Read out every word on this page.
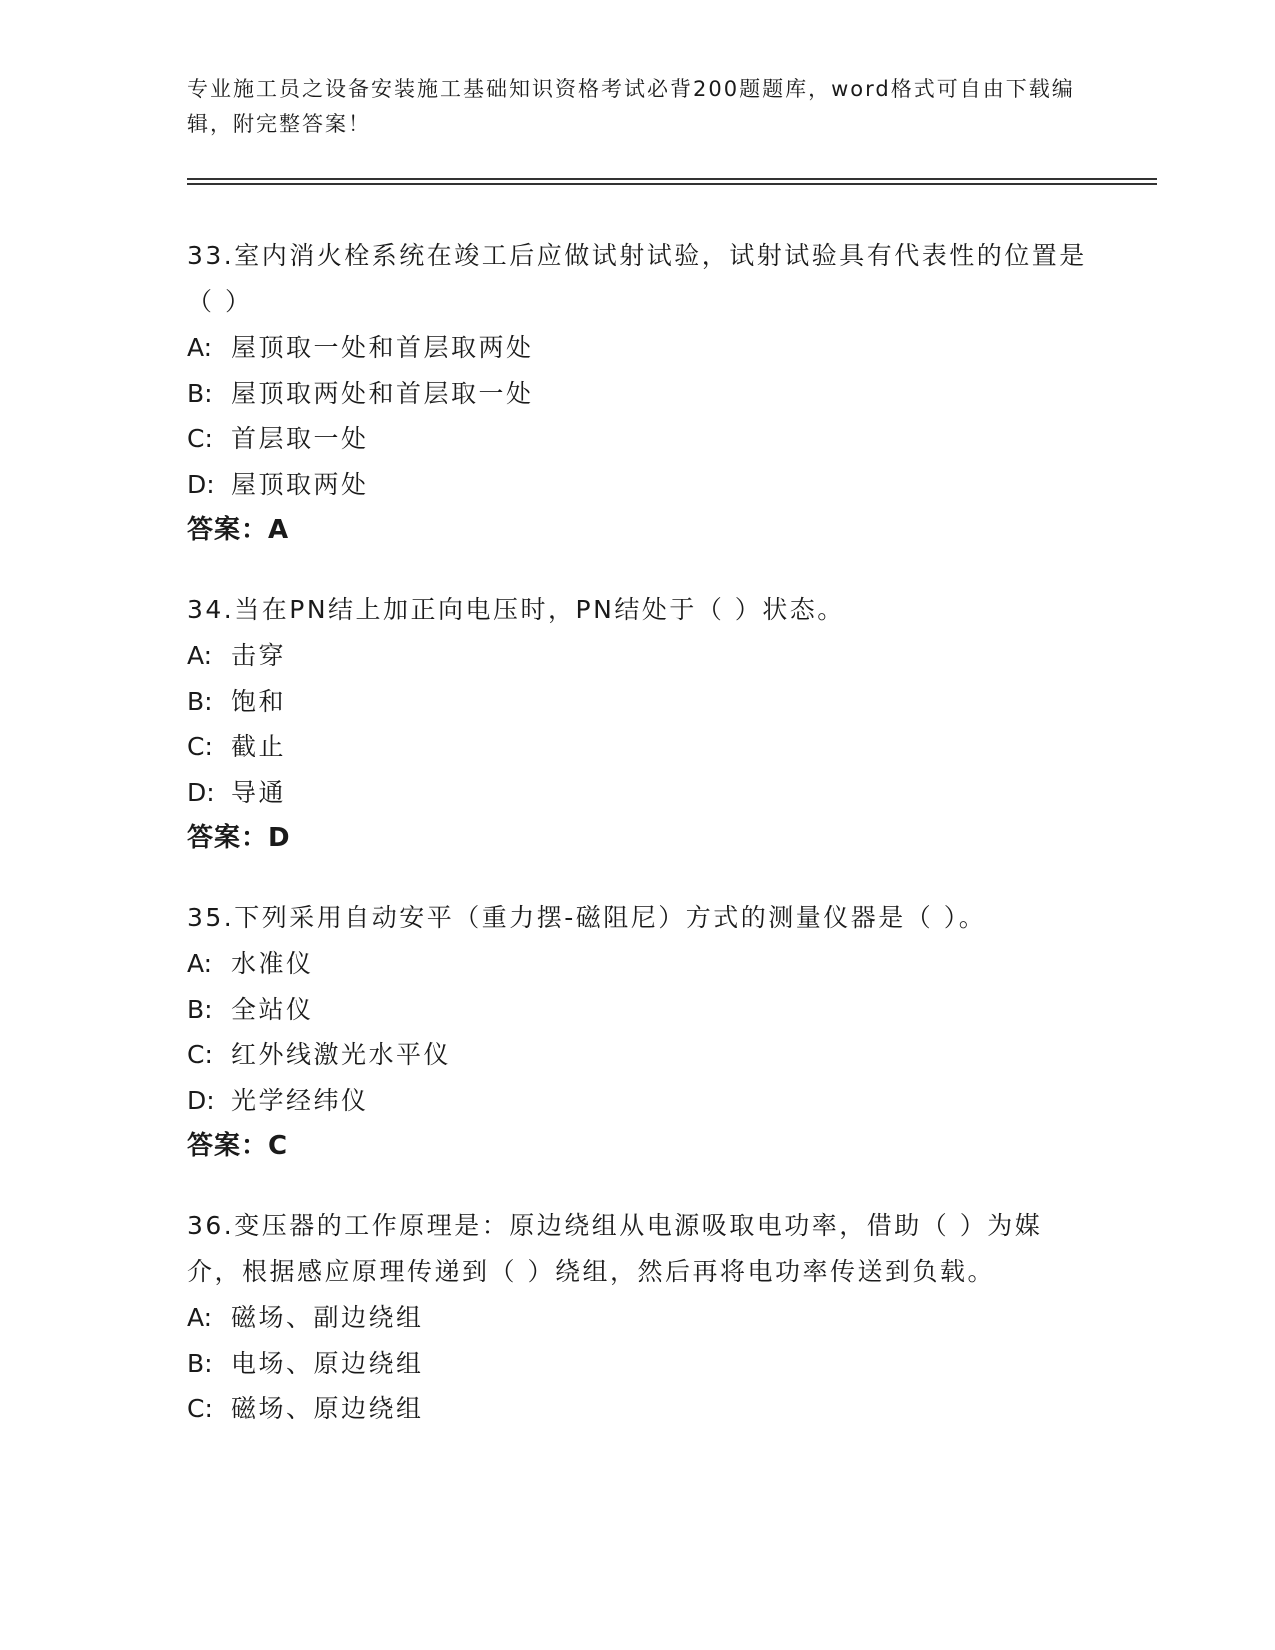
专业施工员之设备安装施工基础知识资格考试必背200题题库，word格式可自由下载编辑，附完整答案！
33.室内消火栓系统在竣工后应做试射试验，试射试验具有代表性的位置是（ ）
A: 屋顶取一处和首层取两处
B: 屋顶取两处和首层取一处
C: 首层取一处
D: 屋顶取两处
答案：A
34.当在PN结上加正向电压时，PN结处于（ ）状态。
A: 击穿
B: 饱和
C: 截止
D: 导通
答案：D
35.下列采用自动安平（重力摆-磁阻尼）方式的测量仪器是（ ）。
A: 水准仪
B: 全站仪
C: 红外线激光水平仪
D: 光学经纬仪
答案：C
36.变压器的工作原理是：原边绕组从电源吸取电功率，借助（ ）为媒介，根据感应原理传递到（ ）绕组，然后再将电功率传送到负载。
A: 磁场、副边绕组
B: 电场、原边绕组
C: 磁场、原边绕组
